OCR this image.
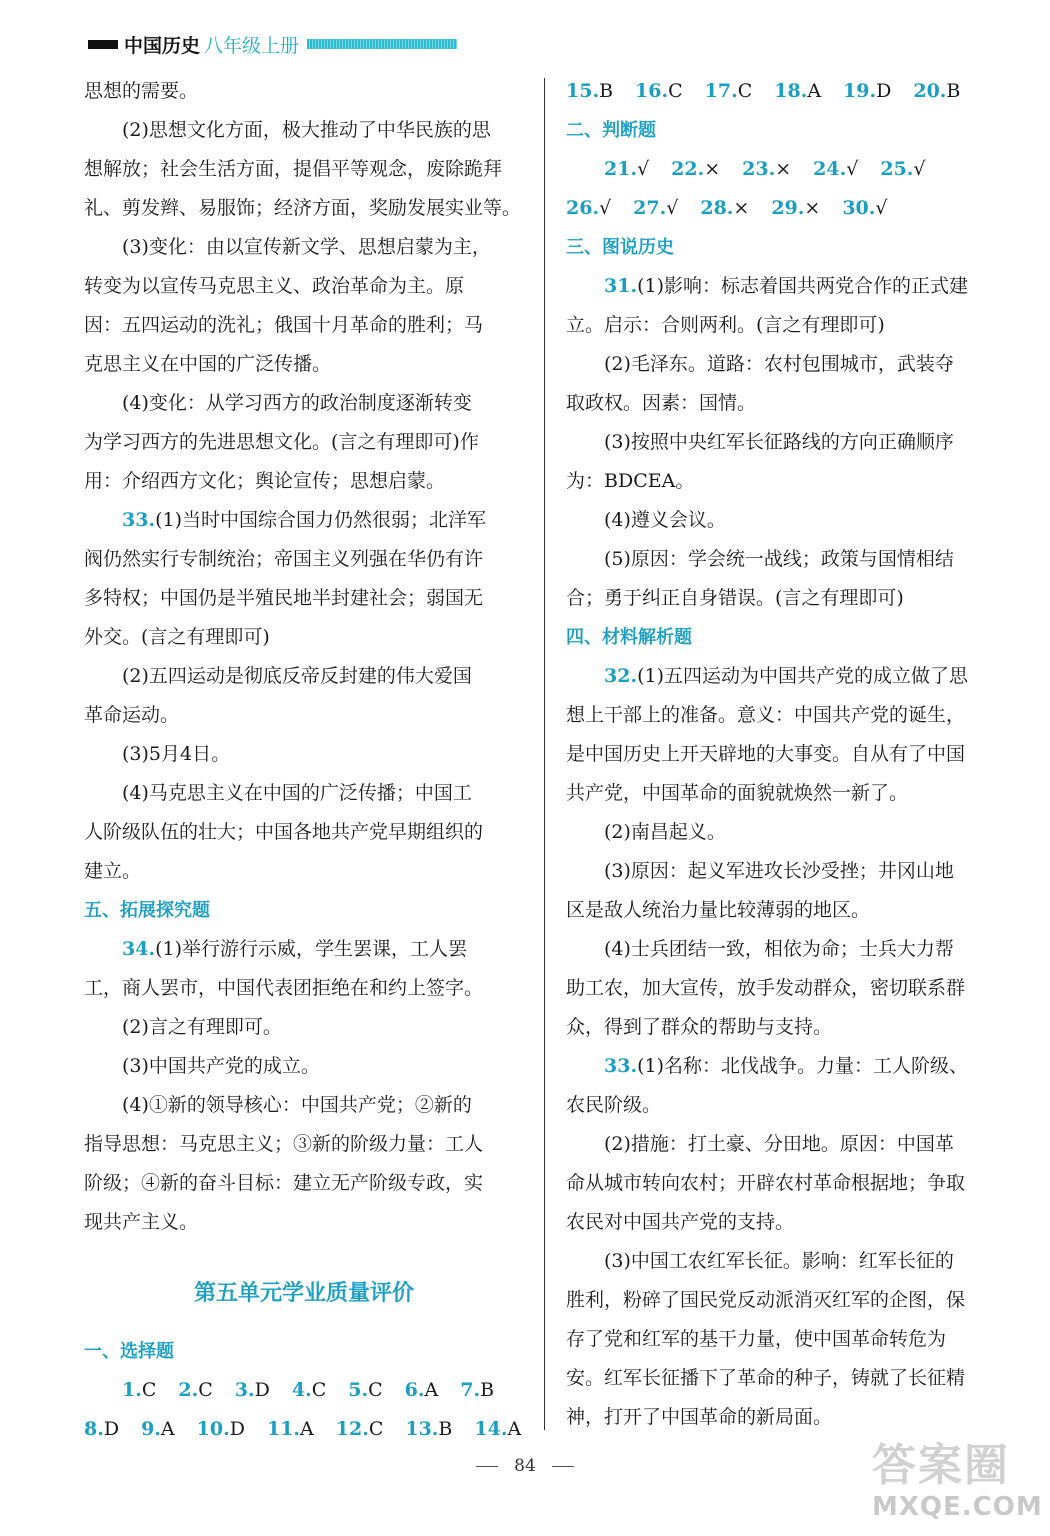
中国历史 八年级上册
思想的需要。
(2)思想文化方面，极大推动了中华民族的思
想解放；社会生活方面，提倡平等观念，废除跪拜
礼、剪发辫、易服饰；经济方面，奖励发展实业等。
(3)变化：由以宣传新文学、思想启蒙为主，
转变为以宣传马克思主义、政治革命为主。原
因：五四运动的洗礼；俄国十月革命的胜利；马
克思主义在中国的广泛传播。
(4)变化：从学习西方的政治制度逐渐转变
为学习西方的先进思想文化。(言之有理即可)作
用：介绍西方文化；舆论宣传；思想启蒙。
33.(1)当时中国综合国力仍然很弱；北洋军
阀仍然实行专制统治；帝国主义列强在华仍有许
多特权；中国仍是半殖民地半封建社会；弱国无
外交。(言之有理即可)
(2)五四运动是彻底反帝反封建的伟大爱国
革命运动。
(3)5月4日。
(4)马克思主义在中国的广泛传播；中国工
人阶级队伍的壮大；中国各地共产党早期组织的
建立。
五、拓展探究题
34.(1)举行游行示威，学生罢课，工人罢
工，商人罢市，中国代表团拒绝在和约上签字。
(2)言之有理即可。
(3)中国共产党的成立。
(4)①新的领导核心：中国共产党；②新的
指导思想：马克思主义；③新的阶级力量：工人
阶级；④新的奋斗目标：建立无产阶级专政，实
现共产主义。
第五单元学业质量评价
一、选择题
1.C 2.C 3.D 4.C 5.C 6.A 7.B
8.D 9.A 10.D 11.A 12.C 13.B 14.A
15.B 16.C 17.C 18.A 19.D 20.B
二、判断题
21.√ 22.× 23.× 24.√ 25.√
26.√ 27.√ 28.× 29.× 30.√
三、图说历史
31.(1)影响：标志着国共两党合作的正式建
立。启示：合则两利。(言之有理即可)
(2)毛泽东。道路：农村包围城市，武装夺
取政权。因素：国情。
(3)按照中央红军长征路线的方向正确顺序
为：BDCEA。
(4)遵义会议。
(5)原因：学会统一战线；政策与国情相结
合；勇于纠正自身错误。(言之有理即可)
四、材料解析题
32.(1)五四运动为中国共产党的成立做了思
想上干部上的准备。意义：中国共产党的诞生，
是中国历史上开天辟地的大事变。自从有了中国
共产党，中国革命的面貌就焕然一新了。
(2)南昌起义。
(3)原因：起义军进攻长沙受挫；井冈山地
区是敌人统治力量比较薄弱的地区。
(4)士兵团结一致，相依为命；士兵大力帮
助工农，加大宣传，放手发动群众，密切联系群
众，得到了群众的帮助与支持。
33.(1)名称：北伐战争。力量：工人阶级、
农民阶级。
(2)措施：打土豪、分田地。原因：中国革
命从城市转向农村；开辟农村革命根据地；争取
农民对中国共产党的支持。
(3)中国工农红军长征。影响：红军长征的
胜利，粉碎了国民党反动派消灭红军的企图，保
存了党和红军的基干力量，使中国革命转危为
安。红军长征播下了革命的种子，铸就了长征精
神，打开了中国革命的新局面。
84	答案圈
MXQE.COM
